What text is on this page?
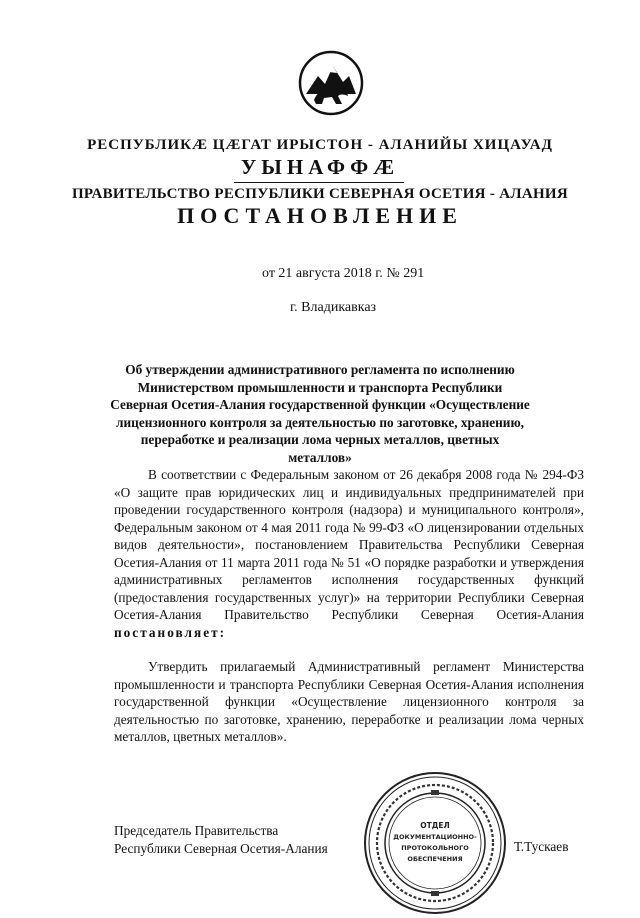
РЕСПУБЛИКӔ ЦӔГАТ ИРЫСТОН - АЛАНИЙЫ ХИЦАУАД
УЫНАФФӔ
ПРАВИТЕЛЬСТВО РЕСПУБЛИКИ СЕВЕРНАЯ ОСЕТИЯ - АЛАНИЯ
ПОСТАНОВЛЕНИЕ
от 21 августа 2018 г. № 291
г. Владикавказ
Об утверждении административного регламента по исполнению Министерством промышленности и транспорта Республики Северная Осетия-Алания государственной функции «Осуществление лицензионного контроля за деятельностью по заготовке, хранению, переработке и реализации лома черных металлов, цветных металлов»
В соответствии с Федеральным законом от 26 декабря 2008 года № 294-ФЗ «О защите прав юридических лиц и индивидуальных предпринимателей при проведении государственного контроля (надзора) и муниципального контроля», Федеральным законом от 4 мая 2011 года № 99-ФЗ «О лицензировании отдельных видов деятельности», постановлением Правительства Республики Северная Осетия-Алания от 11 марта 2011 года № 51 «О порядке разработки и утверждения административных регламентов исполнения государственных функций (предоставления государственных услуг)» на территории Республики Северная Осетия-Алания Правительство Республики Северная Осетия-Алания постановляет:
Утвердить прилагаемый Административный регламент Министерства промышленности и транспорта Республики Северная Осетия-Алания исполнения государственной функции «Осуществление лицензионного контроля за деятельностью по заготовке, хранению, переработке и реализации лома черных металлов, цветных металлов».
Председатель Правительства
Республики Северная Осетия-Алания
ОТДЕЛ
ДОКУМЕНТАЦИОННО-
ПРОТОКОЛЬНОГО
ОБЕСПЕЧЕНИЯ
Т.Тускаев
